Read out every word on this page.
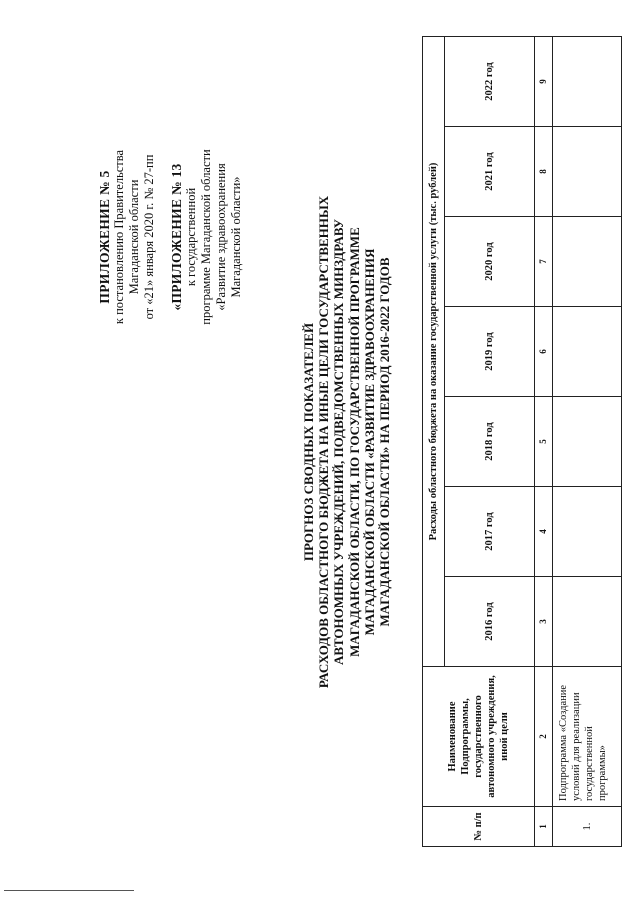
ПРИЛОЖЕНИЕ № 5 к постановлению Правительства Магаданской области от «21» января 2020 г. № 27-пп «ПРИЛОЖЕНИЕ № 13 к государственной программе Магаданской области «Развитие здравоохранения Магаданской области»
ПРОГНОЗ СВОДНЫХ ПОКАЗАТЕЛЕЙ РАСХОДОВ ОБЛАСТНОГО БЮДЖЕТА НА ИНЫЕ ЦЕЛИ ГОСУДАРСТВЕННЫХ АВТОНОМНЫХ УЧРЕЖДЕНИЙ, ПОДВЕДОМСТВЕННЫХ МИНЗДРАВУ МАГАДАНСКОЙ ОБЛАСТИ, ПО ГОСУДАРСТВЕННОЙ ПРОГРАММЕ МАГАДАНСКОЙ ОБЛАСТИ «РАЗВИТИЕ ЗДРАВООХРАНЕНИЯ МАГАДАНСКОЙ ОБЛАСТИ» НА ПЕРИОД 2016-2022 ГОДОВ
№ п/п	Наименование Подпрограммы, государственного автономного учреждения, иной цели	Расходы областного бюджета на оказание государственной услуги (тыс. рублей)						
		2016 год	2017 год	2018 год	2019 год	2020 год	2021 год	2022 год
1	2	3	4	5	6	7	8	9
1.	Подпрограмма «Создание условий для реализации государственной программы»							
